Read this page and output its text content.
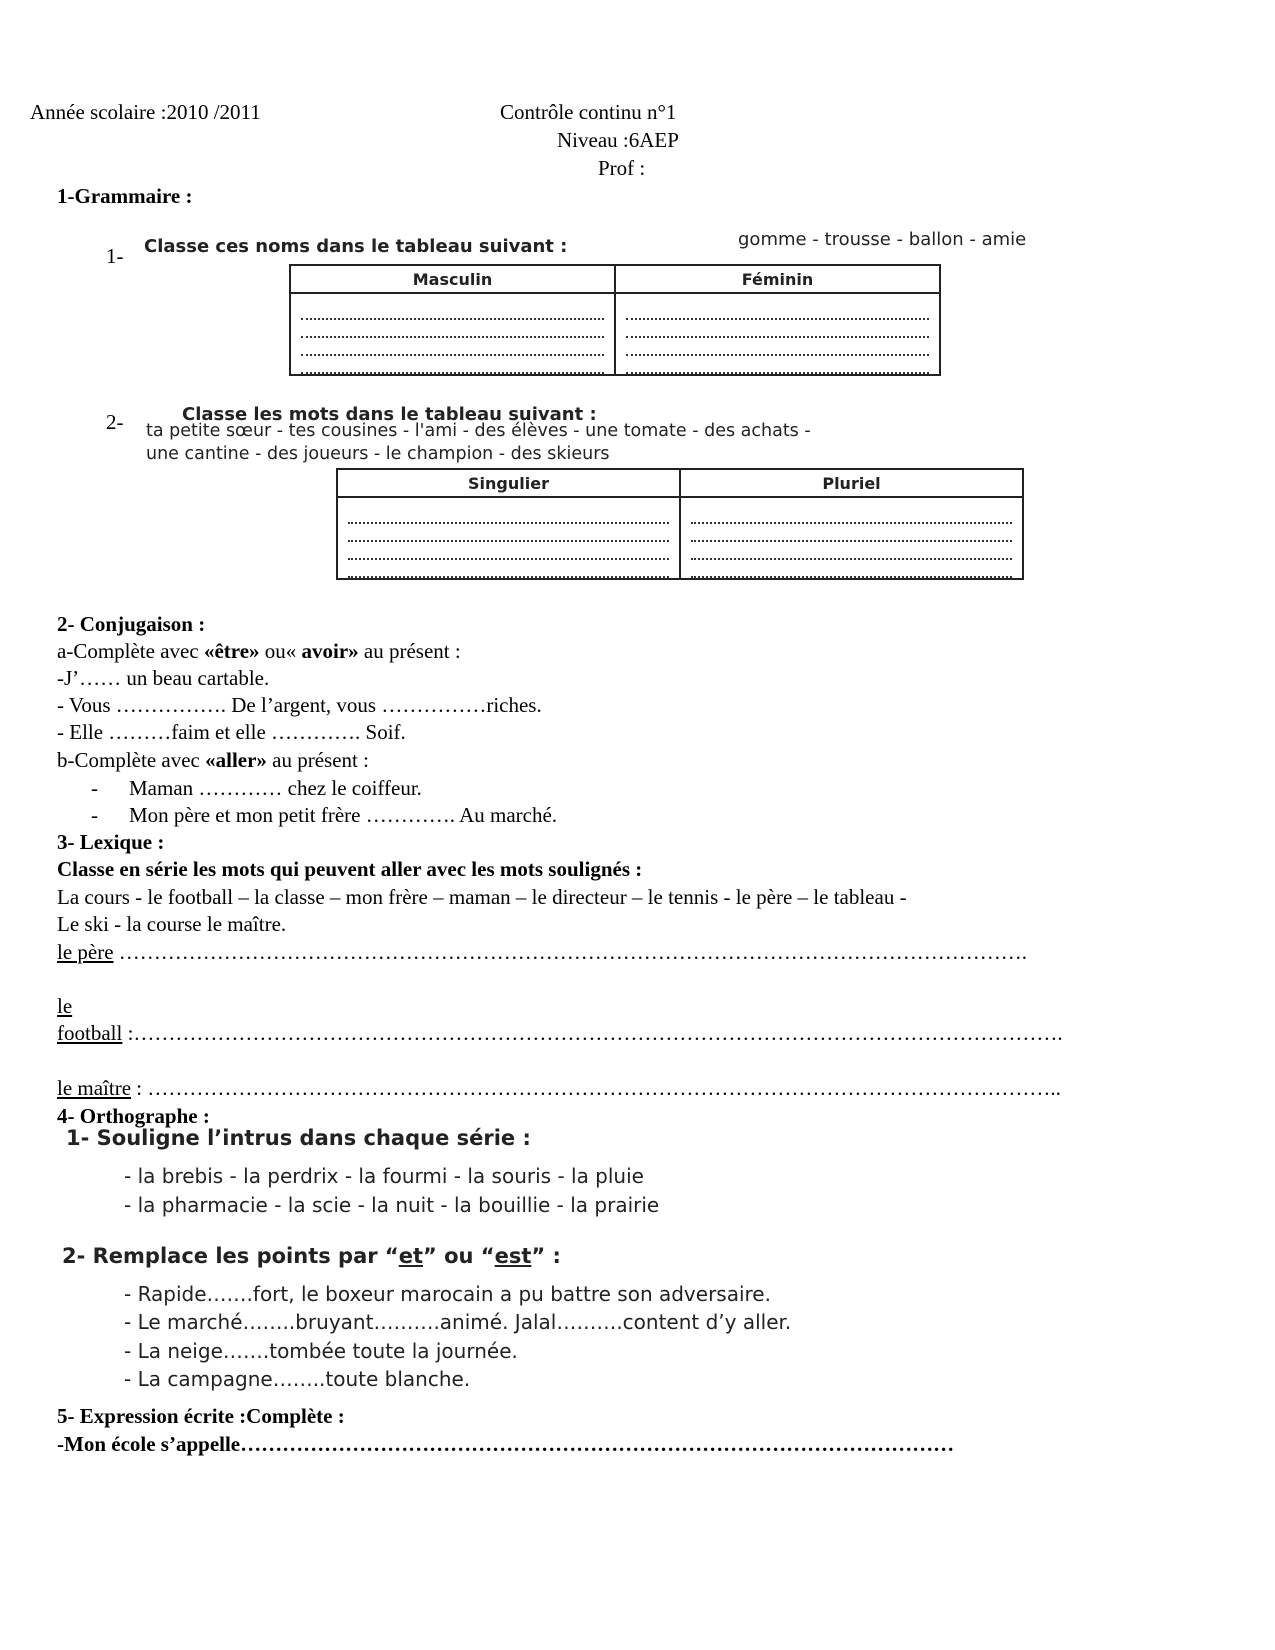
Année scolaire :2010 /2011	Contrôle continu n°1
Niveau :6AEP
Prof :
1-Grammaire :
1- Classe ces noms dans le tableau suivant :	gomme - trousse - ballon - amie
Masculin	Féminin

2-	Classe les mots dans le tableau suivant :
ta petite sœur - tes cousines - l'ami - des élèves - une tomate - des achats -
une cantine - des joueurs - le champion - des skieurs
Singulier	Pluriel

2- Conjugaison :
a-Complète avec «être» ou« avoir» au présent :
-J’…… un beau cartable.
- Vous ……………. De l’argent, vous ……………riches.
- Elle ………faim et elle …………. Soif.
b-Complète avec «aller» au présent :
- Maman ………… chez le coiffeur.
- Mon père et mon petit frère …………. Au marché.
3- Lexique :
Classe en série les mots qui peuvent aller avec les mots soulignés :
La cours - le football – la classe – mon frère – maman – le directeur – le tennis - le père – le tableau -
Le ski - la course le maître.
le père ………………………………………………………………………………………………………………….
le
football :…………………………………………………………………………………………………………………….
le maître : …………………………………………………………………………………………………………………..
4- Orthographe :
1- Souligne l’intrus dans chaque série :
- la brebis - la perdrix - la fourmi - la souris - la pluie
- la pharmacie - la scie - la nuit - la bouillie - la prairie
2- Remplace les points par “et” ou “est” :
- Rapide…….fort, le boxeur marocain a pu battre son adversaire.
- Le marché……..bruyant……….animé. Jalal……….content d’y aller.
- La neige…….tombée toute la journée.
- La campagne……..toute blanche.
5- Expression écrite :Complète :
-Mon école s’appelle…………………………………………………………………………………………
